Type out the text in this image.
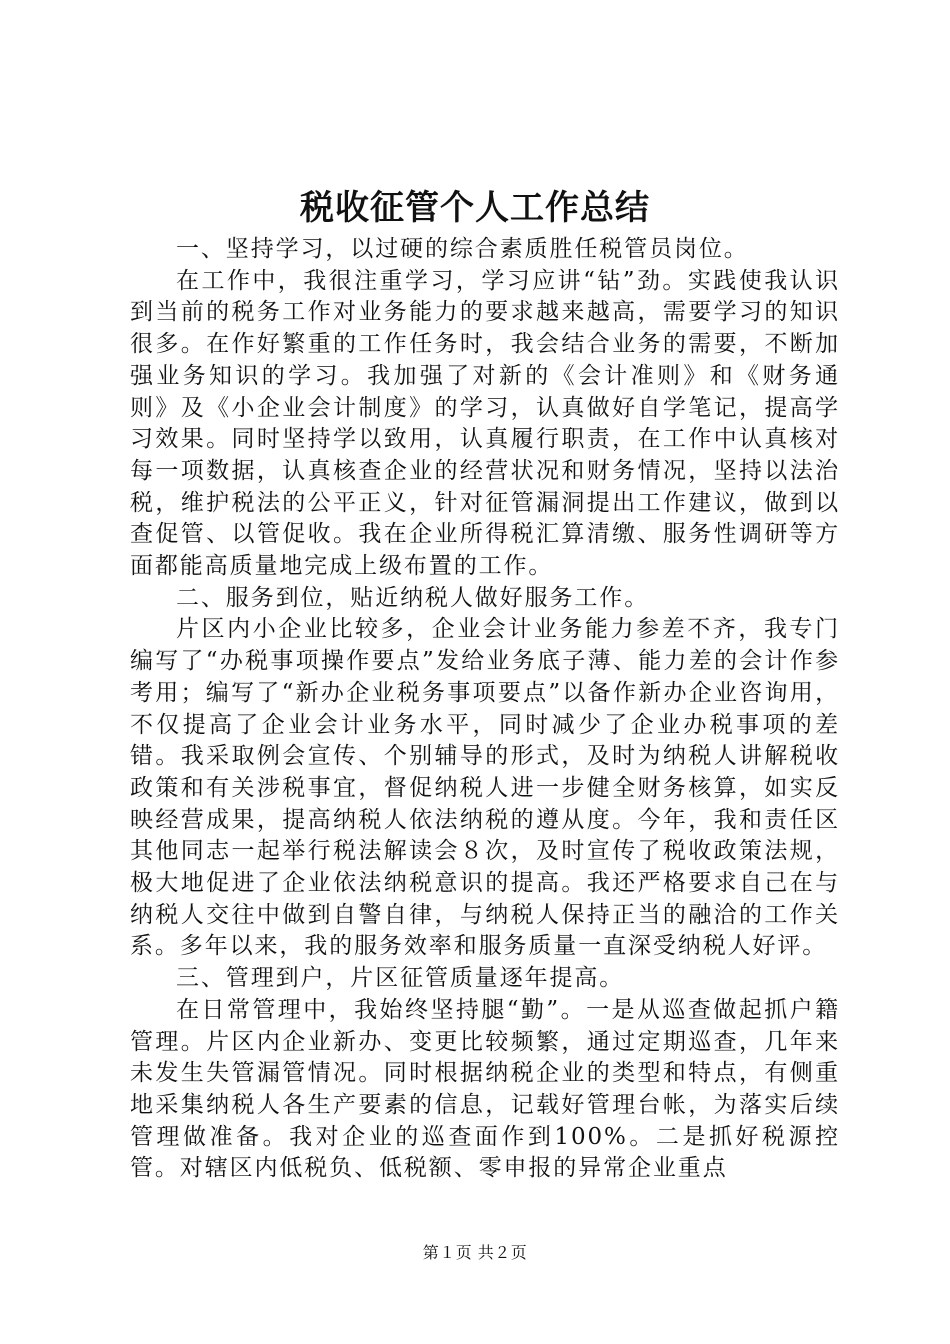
税收征管个人工作总结

一、坚持学习，以过硬的综合素质胜任税管员岗位。

在工作中，我很注重学习，学习应讲“钻”劲。实践使我认识到当前的税务工作对业务能力的要求越来越高，需要学习的知识很多。在作好繁重的工作任务时，我会结合业务的需要，不断加强业务知识的学习。我加强了对新的《会计准则》和《财务通则》及《小企业会计制度》的学习，认真做好自学笔记，提高学习效果。同时坚持学以致用，认真履行职责，在工作中认真核对每一项数据，认真核查企业的经营状况和财务情况，坚持以法治税，维护税法的公平正义，针对征管漏洞提出工作建议，做到以查促管、以管促收。我在企业所得税汇算清缴、服务性调研等方面都能高质量地完成上级布置的工作。

二、服务到位，贴近纳税人做好服务工作。

片区内小企业比较多，企业会计业务能力参差不齐，我专门编写了“办税事项操作要点”发给业务底子薄、能力差的会计作参考用；编写了“新办企业税务事项要点”以备作新办企业咨询用，不仅提高了企业会计业务水平，同时减少了企业办税事项的差错。我采取例会宣传、个别辅导的形式，及时为纳税人讲解税收政策和有关涉税事宜，督促纳税人进一步健全财务核算，如实反映经营成果，提高纳税人依法纳税的遵从度。今年，我和责任区其他同志一起举行税法解读会８次，及时宣传了税收政策法规，极大地促进了企业依法纳税意识的提高。我还严格要求自己在与纳税人交往中做到自警自律，与纳税人保持正当的融洽的工作关系。多年以来，我的服务效率和服务质量一直深受纳税人好评。

三、管理到户，片区征管质量逐年提高。

在日常管理中，我始终坚持腿“勤”。一是从巡查做起抓户籍管理。片区内企业新办、变更比较频繁，通过定期巡查，几年来未发生失管漏管情况。同时根据纳税企业的类型和特点，有侧重地采集纳税人各生产要素的信息，记载好管理台帐，为落实后续管理做准备。我对企业的巡查面作到100%。二是抓好税源控管。对辖区内低税负、低税额、零申报的异常企业重点

第１页 共２页
